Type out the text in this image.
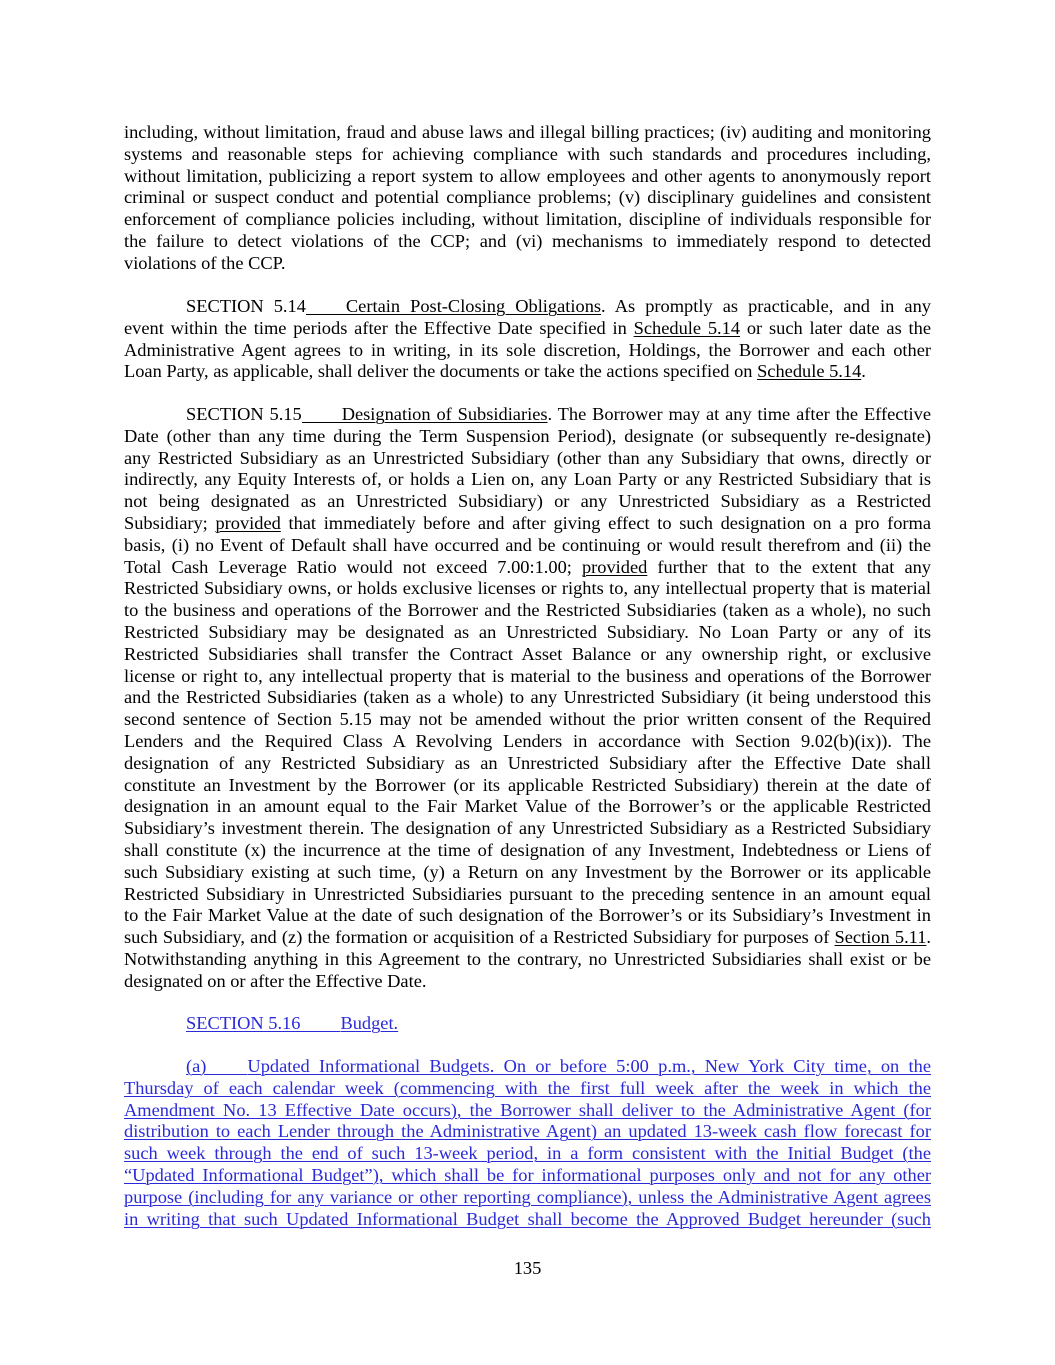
including, without limitation, fraud and abuse laws and illegal billing practices; (iv) auditing and monitoring
systems and reasonable steps for achieving compliance with such standards and procedures including,
without limitation, publicizing a report system to allow employees and other agents to anonymously report
criminal or suspect conduct and potential compliance problems; (v) disciplinary guidelines and consistent
enforcement of compliance policies including, without limitation, discipline of individuals responsible for
the failure to detect violations of the CCP; and (vi) mechanisms to immediately respond to detected
violations of the CCP.
SECTION 5.14 Certain Post-Closing Obligations. As promptly as practicable, and in any
event within the time periods after the Effective Date specified in Schedule 5.14 or such later date as the
Administrative Agent agrees to in writing, in its sole discretion, Holdings, the Borrower and each other
Loan Party, as applicable, shall deliver the documents or take the actions specified on Schedule 5.14.
SECTION 5.15 Designation of Subsidiaries. The Borrower may at any time after the Effective
Date (other than any time during the Term Suspension Period), designate (or subsequently re-designate)
any Restricted Subsidiary as an Unrestricted Subsidiary (other than any Subsidiary that owns, directly or
indirectly, any Equity Interests of, or holds a Lien on, any Loan Party or any Restricted Subsidiary that is
not being designated as an Unrestricted Subsidiary) or any Unrestricted Subsidiary as a Restricted
Subsidiary; provided that immediately before and after giving effect to such designation on a pro forma
basis, (i) no Event of Default shall have occurred and be continuing or would result therefrom and (ii) the
Total Cash Leverage Ratio would not exceed 7.00:1.00; provided further that to the extent that any
Restricted Subsidiary owns, or holds exclusive licenses or rights to, any intellectual property that is material
to the business and operations of the Borrower and the Restricted Subsidiaries (taken as a whole), no such
Restricted Subsidiary may be designated as an Unrestricted Subsidiary. No Loan Party or any of its
Restricted Subsidiaries shall transfer the Contract Asset Balance or any ownership right, or exclusive
license or right to, any intellectual property that is material to the business and operations of the Borrower
and the Restricted Subsidiaries (taken as a whole) to any Unrestricted Subsidiary (it being understood this
second sentence of Section 5.15 may not be amended without the prior written consent of the Required
Lenders and the Required Class A Revolving Lenders in accordance with Section 9.02(b)(ix)). The
designation of any Restricted Subsidiary as an Unrestricted Subsidiary after the Effective Date shall
constitute an Investment by the Borrower (or its applicable Restricted Subsidiary) therein at the date of
designation in an amount equal to the Fair Market Value of the Borrower’s or the applicable Restricted
Subsidiary’s investment therein. The designation of any Unrestricted Subsidiary as a Restricted Subsidiary
shall constitute (x) the incurrence at the time of designation of any Investment, Indebtedness or Liens of
such Subsidiary existing at such time, (y) a Return on any Investment by the Borrower or its applicable
Restricted Subsidiary in Unrestricted Subsidiaries pursuant to the preceding sentence in an amount equal
to the Fair Market Value at the date of such designation of the Borrower’s or its Subsidiary’s Investment in
such Subsidiary, and (z) the formation or acquisition of a Restricted Subsidiary for purposes of Section 5.11.
Notwithstanding anything in this Agreement to the contrary, no Unrestricted Subsidiaries shall exist or be
designated on or after the Effective Date.
SECTION 5.16 Budget.
(a) Updated Informational Budgets. On or before 5:00 p.m., New York City time, on the
Thursday of each calendar week (commencing with the first full week after the week in which the
Amendment No. 13 Effective Date occurs), the Borrower shall deliver to the Administrative Agent (for
distribution to each Lender through the Administrative Agent) an updated 13-week cash flow forecast for
such week through the end of such 13-week period, in a form consistent with the Initial Budget (the
“Updated Informational Budget”), which shall be for informational purposes only and not for any other
purpose (including for any variance or other reporting compliance), unless the Administrative Agent agrees
in writing that such Updated Informational Budget shall become the Approved Budget hereunder (such
135
